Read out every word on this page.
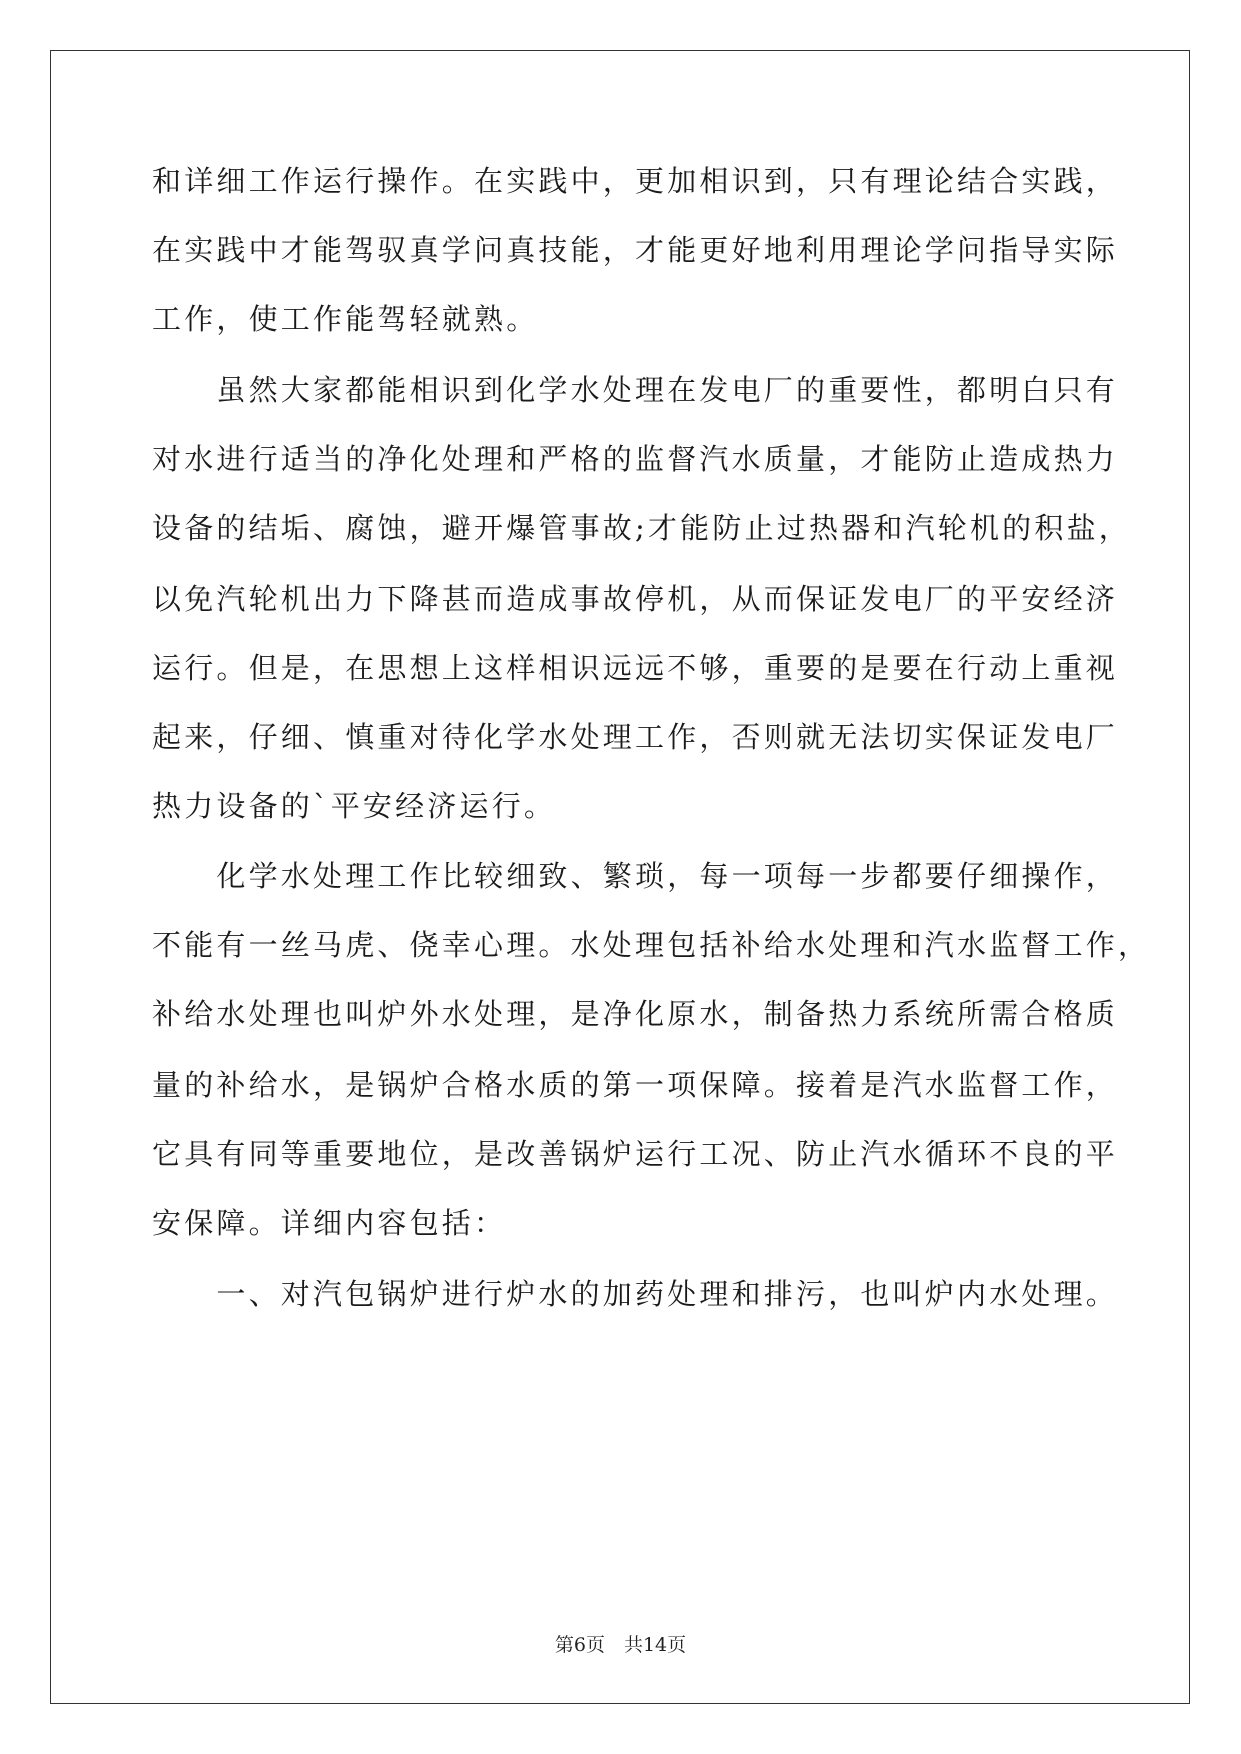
和详细工作运行操作。在实践中，更加相识到，只有理论结合实践，
在实践中才能驾驭真学问真技能，才能更好地利用理论学问指导实际
工作，使工作能驾轻就熟。
　　虽然大家都能相识到化学水处理在发电厂的重要性，都明白只有
对水进行适当的净化处理和严格的监督汽水质量，才能防止造成热力
设备的结垢、腐蚀，避开爆管事故;才能防止过热器和汽轮机的积盐，
以免汽轮机出力下降甚而造成事故停机，从而保证发电厂的平安经济
运行。但是，在思想上这样相识远远不够，重要的是要在行动上重视
起来，仔细、慎重对待化学水处理工作，否则就无法切实保证发电厂
热力设备的`平安经济运行。
　　化学水处理工作比较细致、繁琐，每一项每一步都要仔细操作，
不能有一丝马虎、侥幸心理。水处理包括补给水处理和汽水监督工作，
补给水处理也叫炉外水处理，是净化原水，制备热力系统所需合格质
量的补给水，是锅炉合格水质的第一项保障。接着是汽水监督工作，
它具有同等重要地位，是改善锅炉运行工况、防止汽水循环不良的平
安保障。详细内容包括：
　　一、对汽包锅炉进行炉水的加药处理和排污，也叫炉内水处理。
第6页　共14页
